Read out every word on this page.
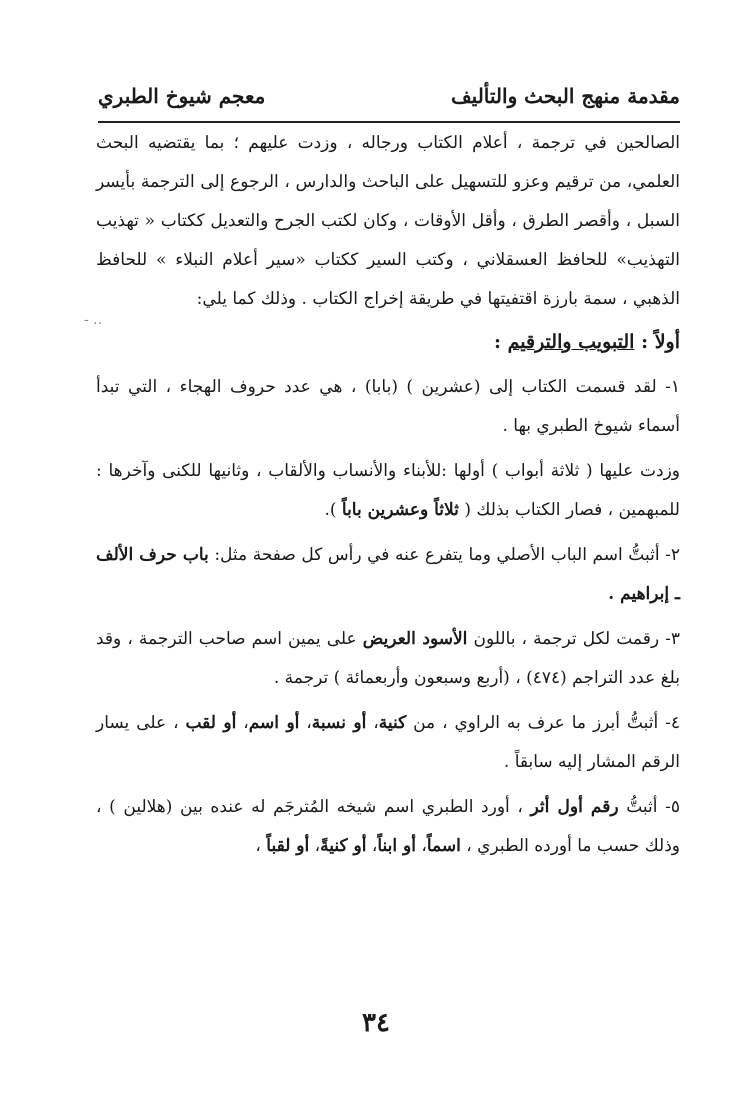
مقدمة منهج البحث والتأليف
معجم شيوخ الطبري
- ..

الصالحين في ترجمة ، أعلام الكتاب ورجاله ، وزدت عليهم ؛ بما يقتضيه البحث العلمي، من ترقيم وعزو للتسهيل على الباحث والدارس ، الرجوع إلى الترجمة بأيسر السبل ، وأقصر الطرق ، وأقل الأوقات ، وكان لكتب الجرح والتعديل ككتاب « تهذيب التهذيب» للحافظ العسقلاني ، وكتب السير ككتاب «سير أعلام النبلاء » للحافظ الذهبي ، سمة بارزة اقتفيتها في طريقة إخراج الكتاب . وذلك كما يلي:

أولاً : التبويب والترقيم :

١- لقد قسمت الكتاب إلى (عشرين ) (بابا) ، هي عدد حروف الهجاء ، التي تبدأ أسماء شيوخ الطبري بها .

وزدت عليها ( ثلاثة أبواب ) أولها :للأبناء والأنساب والألقاب ، وثانيها للكنى وآخرها : للمبهمين ، فصار الكتاب بذلك ( ثلاثاً وعشرين باباً ).

٢- أثبتُّ اسم الباب الأصلي وما يتفرع عنه في رأس كل صفحة مثل: باب حرف الألف ـ إبراهيم .

٣- رقمت لكل ترجمة ، باللون الأسود العريض على يمين اسم صاحب الترجمة ، وقد بلغ عدد التراجم (٤٧٤) ، (أربع وسبعون وأربعمائة ) ترجمة .

٤- أثبتُّ أبرز ما عرف به الراوي ، من كنية، أو نسبة، أو اسم، أو لقب ، على يسار الرقم المشار إليه سابقاً .

٥- أثبتُّ رقم أول أثر ، أورد الطبري اسم شيخه المُترجَم له عنده بين (هلالين ) ، وذلك حسب ما أورده الطبري ، اسماً، أو ابناً، أو كنيةً، أو لقباً ،

٣٤
